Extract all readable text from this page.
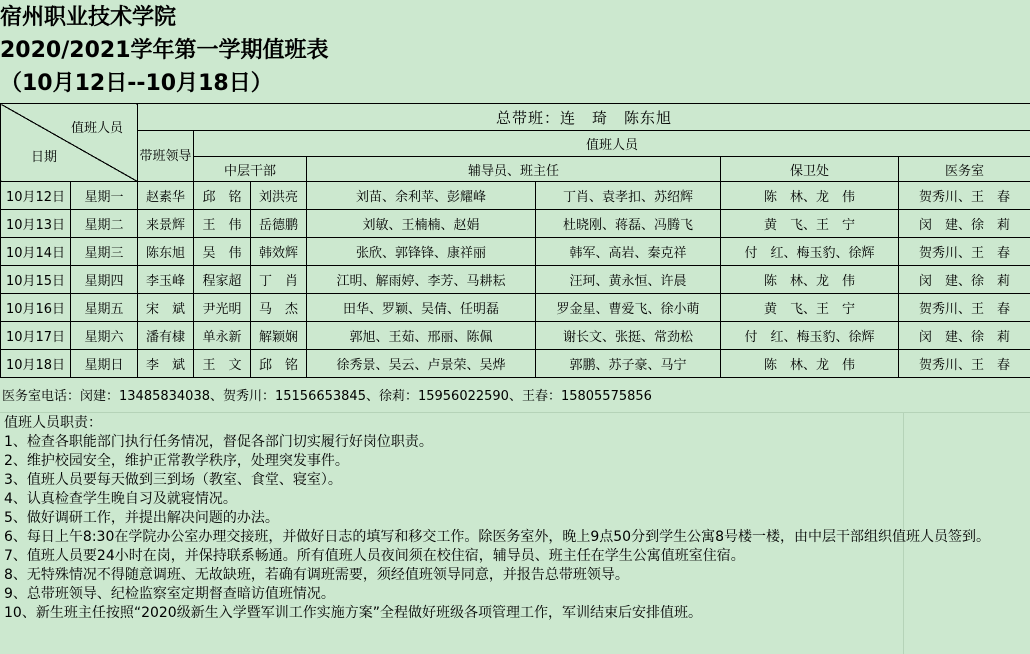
宿州职业技术学院
2020/2021学年第一学期值班表
（10月12日--10月18日）
值班人员
日期		总带班：连　琦　陈东旭						
		带班领导	值班人员					
			中层干部		辅导员、班主任		保卫处	医务室
10月12日	星期一	赵素华	邱　铭	刘洪亮	刘苗、余利苹、彭耀峰	丁肖、袁孝扣、苏绍辉	陈　林、龙　伟	贺秀川、王　春
10月13日	星期二	来景辉	王　伟	岳德鹏	刘敏、王楠楠、赵娟	杜晓刚、蒋磊、冯腾飞	黄　飞、王　宁	闵　建、徐　莉
10月14日	星期三	陈东旭	吴　伟	韩效辉	张欣、郭锋锋、康祥丽	韩军、高岩、秦克祥	付　红、梅玉豹、徐辉	贺秀川、王　春
10月15日	星期四	李玉峰	程家超	丁　肖	江明、解雨婷、李芳、马耕耘	汪珂、黄永恒、许晨	陈　林、龙　伟	闵　建、徐　莉
10月16日	星期五	宋　斌	尹光明	马　杰	田华、罗颖、吴倩、任明磊	罗金星、曹爱飞、徐小萌	黄　飞、王　宁	贺秀川、王　春
10月17日	星期六	潘有棣	单永新	解颖娴	郭旭、王茹、邢丽、陈佩	谢长文、张挺、常劲松	付　红、梅玉豹、徐辉	闵　建、徐　莉
10月18日	星期日	李　斌	王　文	邱　铭	徐秀景、吴云、卢景荣、吴烨	郭鹏、苏子豪、马宁	陈　林、龙　伟	贺秀川、王　春
医务室电话：闵建：13485834038、贺秀川：15156653845、徐莉：15956022590、王春：15805575856
值班人员职责：
1、检查各职能部门执行任务情况，督促各部门切实履行好岗位职责。
2、维护校园安全，维护正常教学秩序，处理突发事件。
3、值班人员要每天做到三到场（教室、食堂、寝室）。
4、认真检查学生晚自习及就寝情况。
5、做好调研工作，并提出解决问题的办法。
6、每日上午8:30在学院办公室办理交接班，并做好日志的填写和移交工作。除医务室外，晚上9点50分到学生公寓8号楼一楼，由中层干部组织值班人员签到。
7、值班人员要24小时在岗，并保持联系畅通。所有值班人员夜间须在校住宿，辅导员、班主任在学生公寓值班室住宿。
8、无特殊情况不得随意调班、无故缺班，若确有调班需要，须经值班领导同意，并报告总带班领导。
9、总带班领导、纪检监察室定期督查暗访值班情况。
10、新生班主任按照“2020级新生入学暨军训工作实施方案”全程做好班级各项管理工作，军训结束后安排值班。
